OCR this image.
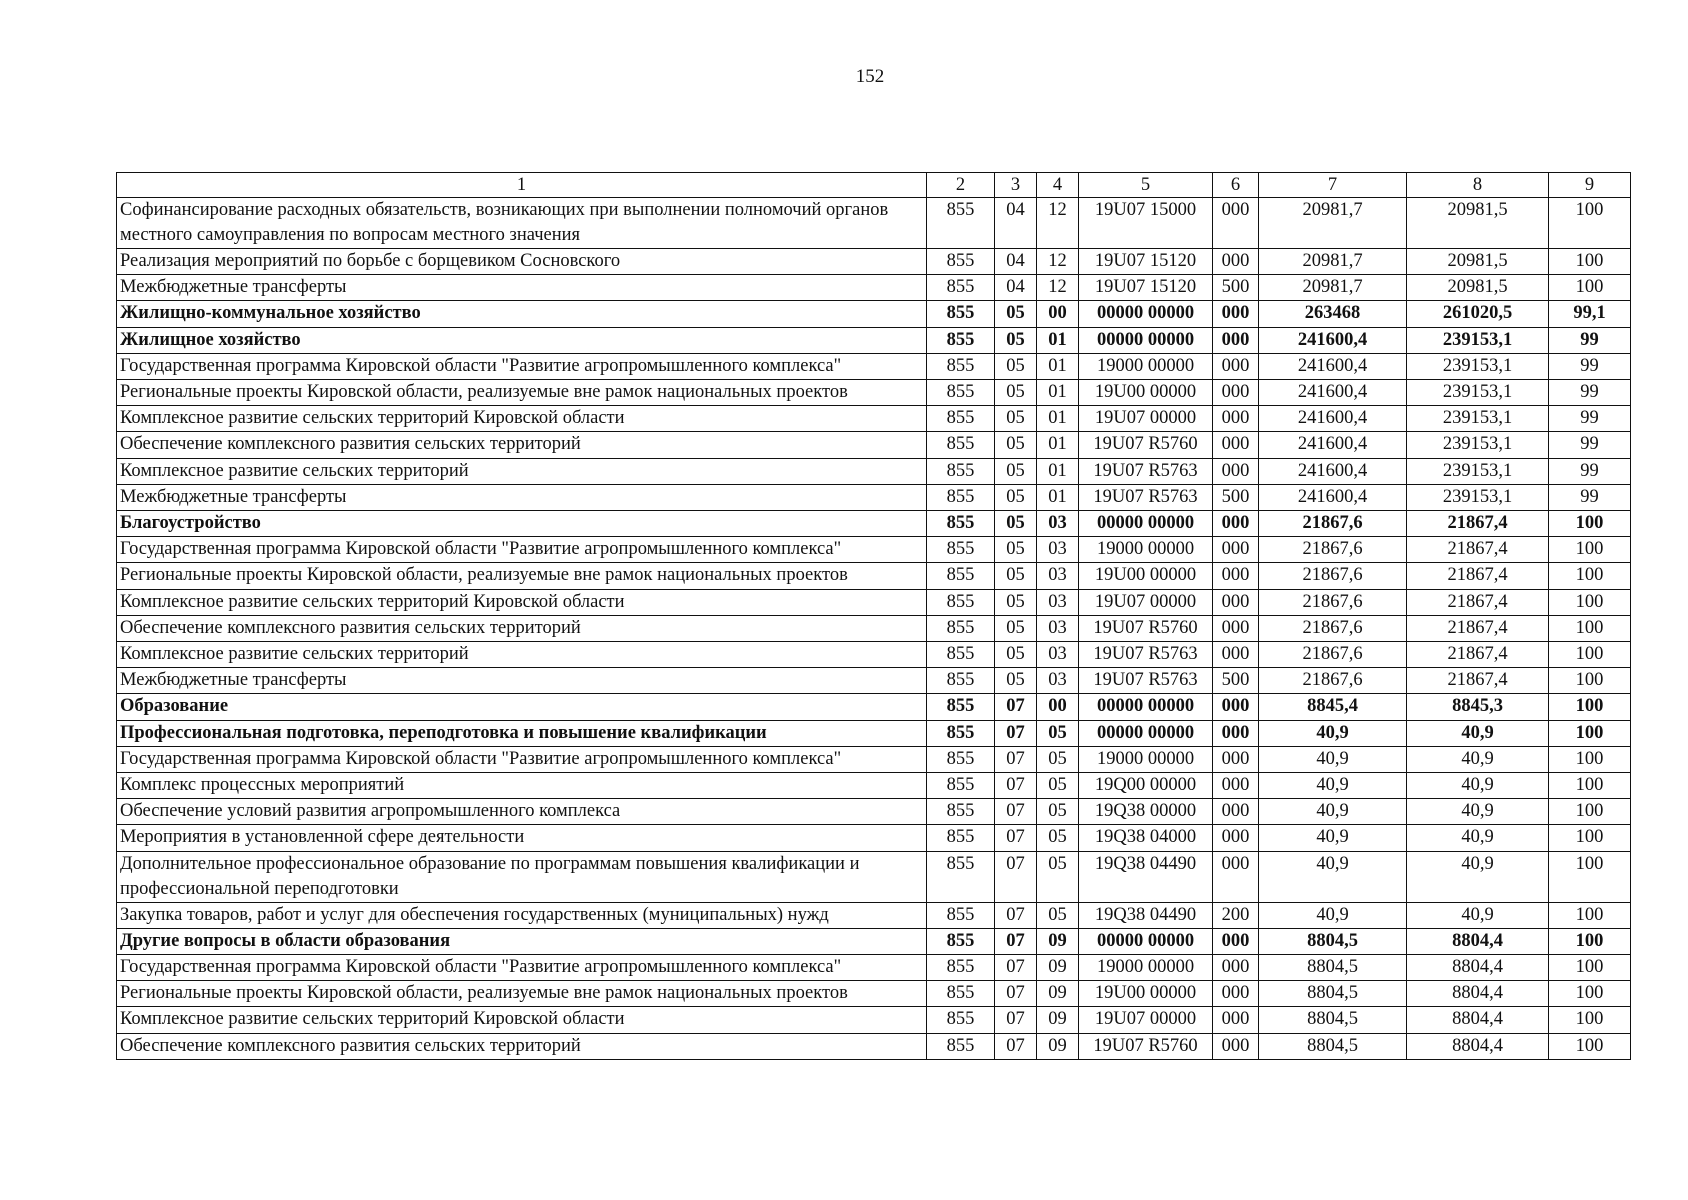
152
1	2	3	4	5	6	7	8	9
Софинансирование расходных обязательств, возникающих при выполнении полномочий органов местного самоуправления по вопросам местного значения	855	04	12	19U07 15000	000	20981,7	20981,5	100
Реализация мероприятий по борьбе с борщевиком Сосновского	855	04	12	19U07 15120	000	20981,7	20981,5	100
Межбюджетные трансферты	855	04	12	19U07 15120	500	20981,7	20981,5	100
Жилищно-коммунальное хозяйство	855	05	00	00000 00000	000	263468	261020,5	99,1
Жилищное хозяйство	855	05	01	00000 00000	000	241600,4	239153,1	99
Государственная программа Кировской области "Развитие агропромышленного комплекса"	855	05	01	19000 00000	000	241600,4	239153,1	99
Региональные проекты Кировской области, реализуемые вне рамок национальных проектов	855	05	01	19U00 00000	000	241600,4	239153,1	99
Комплексное развитие сельских территорий Кировской области	855	05	01	19U07 00000	000	241600,4	239153,1	99
Обеспечение комплексного развития сельских территорий	855	05	01	19U07 R5760	000	241600,4	239153,1	99
Комплексное развитие сельских территорий	855	05	01	19U07 R5763	000	241600,4	239153,1	99
Межбюджетные трансферты	855	05	01	19U07 R5763	500	241600,4	239153,1	99
Благоустройство	855	05	03	00000 00000	000	21867,6	21867,4	100
Государственная программа Кировской области "Развитие агропромышленного комплекса"	855	05	03	19000 00000	000	21867,6	21867,4	100
Региональные проекты Кировской области, реализуемые вне рамок национальных проектов	855	05	03	19U00 00000	000	21867,6	21867,4	100
Комплексное развитие сельских территорий Кировской области	855	05	03	19U07 00000	000	21867,6	21867,4	100
Обеспечение комплексного развития сельских территорий	855	05	03	19U07 R5760	000	21867,6	21867,4	100
Комплексное развитие сельских территорий	855	05	03	19U07 R5763	000	21867,6	21867,4	100
Межбюджетные трансферты	855	05	03	19U07 R5763	500	21867,6	21867,4	100
Образование	855	07	00	00000 00000	000	8845,4	8845,3	100
Профессиональная подготовка, переподготовка и повышение квалификации	855	07	05	00000 00000	000	40,9	40,9	100
Государственная программа Кировской области "Развитие агропромышленного комплекса"	855	07	05	19000 00000	000	40,9	40,9	100
Комплекс процессных мероприятий	855	07	05	19Q00 00000	000	40,9	40,9	100
Обеспечение условий развития агропромышленного комплекса	855	07	05	19Q38 00000	000	40,9	40,9	100
Мероприятия в установленной сфере деятельности	855	07	05	19Q38 04000	000	40,9	40,9	100
Дополнительное профессиональное образование по программам повышения квалификации и профессиональной переподготовки	855	07	05	19Q38 04490	000	40,9	40,9	100
Закупка товаров, работ и услуг для обеспечения государственных (муниципальных) нужд	855	07	05	19Q38 04490	200	40,9	40,9	100
Другие вопросы в области образования	855	07	09	00000 00000	000	8804,5	8804,4	100
Государственная программа Кировской области "Развитие агропромышленного комплекса"	855	07	09	19000 00000	000	8804,5	8804,4	100
Региональные проекты Кировской области, реализуемые вне рамок национальных проектов	855	07	09	19U00 00000	000	8804,5	8804,4	100
Комплексное развитие сельских территорий Кировской области	855	07	09	19U07 00000	000	8804,5	8804,4	100
Обеспечение комплексного развития сельских территорий	855	07	09	19U07 R5760	000	8804,5	8804,4	100
